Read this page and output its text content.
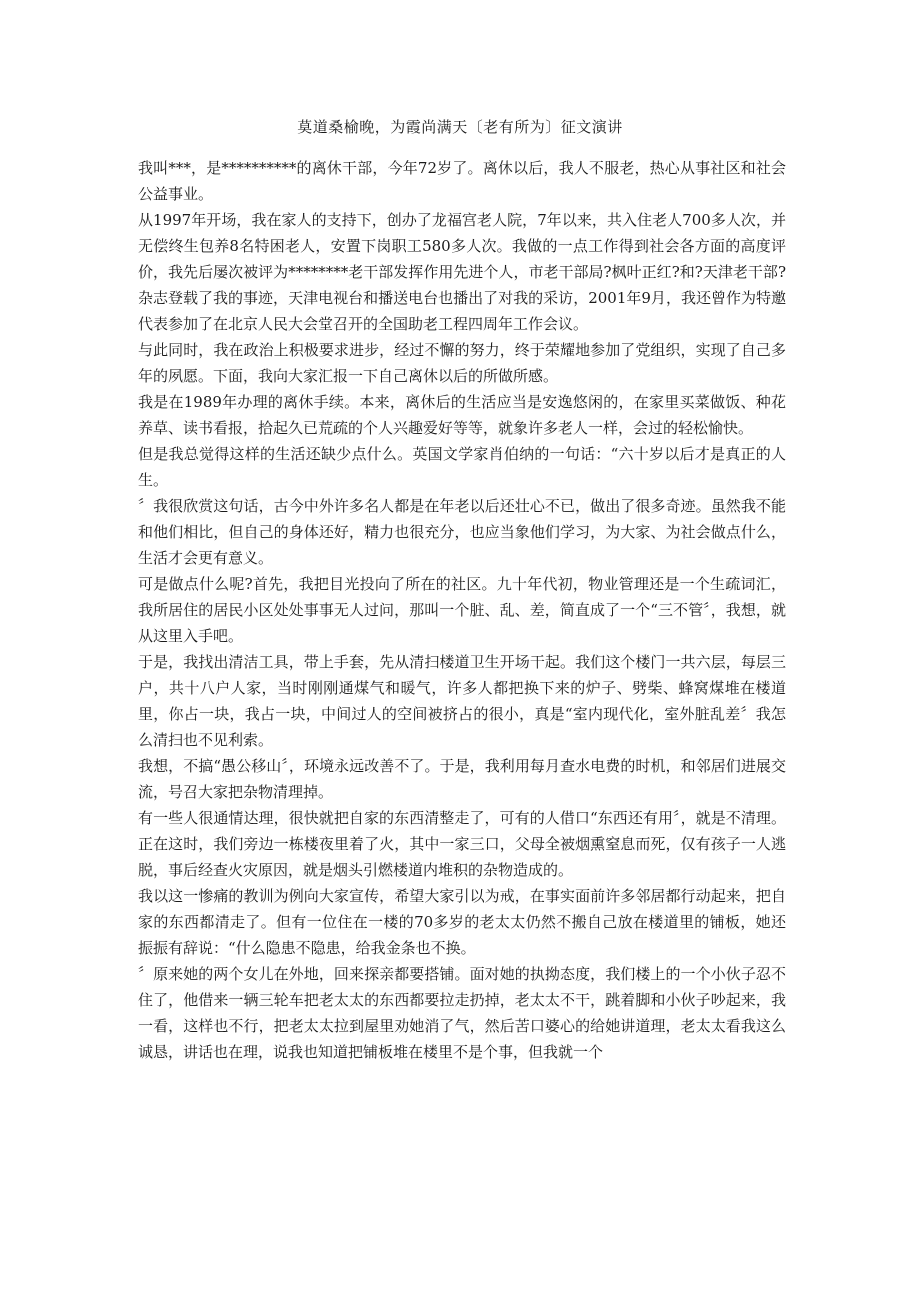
莫道桑榆晚，为霞尚满天〔老有所为〕征文演讲

我叫***，是**********的离休干部，今年72岁了。离休以后，我人不服老，热心从事社区和社会公益事业。

从1997年开场，我在家人的支持下，创办了龙福宫老人院，7年以来，共入住老人700多人次，并无偿终生包养8名特困老人，安置下岗职工580多人次。我做的一点工作得到社会各方面的高度评价，我先后屡次被评为********老干部发挥作用先进个人，市老干部局?枫叶正红?和?天津老干部?杂志登载了我的事迹，天津电视台和播送电台也播出了对我的采访，2001年9月，我还曾作为特邀代表参加了在北京人民大会堂召开的全国助老工程四周年工作会议。

与此同时，我在政治上积极要求进步，经过不懈的努力，终于荣耀地参加了党组织，实现了自己多年的夙愿。下面，我向大家汇报一下自己离休以后的所做所感。

我是在1989年办理的离休手续。本来，离休后的生活应当是安逸悠闲的，在家里买菜做饭、种花养草、读书看报，拾起久已荒疏的个人兴趣爱好等等，就象许多老人一样，会过的轻松愉快。

但是我总觉得这样的生活还缺少点什么。英国文学家肖伯纳的一句话：“六十岁以后才是真正的人生。

〞我很欣赏这句话，古今中外许多名人都是在年老以后还壮心不已，做出了很多奇迹。虽然我不能和他们相比，但自己的身体还好，精力也很充分，也应当象他们学习，为大家、为社会做点什么，生活才会更有意义。

可是做点什么呢?首先，我把目光投向了所在的社区。九十年代初，物业管理还是一个生疏词汇，我所居住的居民小区处处事事无人过问，那叫一个脏、乱、差，简直成了一个“三不管〞，我想，就从这里入手吧。

于是，我找出清洁工具，带上手套，先从清扫楼道卫生开场干起。我们这个楼门一共六层，每层三户，共十八户人家，当时刚刚通煤气和暖气，许多人都把换下来的炉子、劈柴、蜂窝煤堆在楼道里，你占一块，我占一块，中间过人的空间被挤占的很小，真是“室内现代化，室外脏乱差〞我怎么清扫也不见利索。

我想，不搞“愚公移山〞，环境永远改善不了。于是，我利用每月查水电费的时机，和邻居们进展交流，号召大家把杂物清理掉。

有一些人很通情达理，很快就把自家的东西清整走了，可有的人借口“东西还有用〞，就是不清理。正在这时，我们旁边一栋楼夜里着了火，其中一家三口，父母全被烟熏窒息而死，仅有孩子一人逃脱，事后经查火灾原因，就是烟头引燃楼道内堆积的杂物造成的。

我以这一惨痛的教训为例向大家宣传，希望大家引以为戒，在事实面前许多邻居都行动起来，把自家的东西都清走了。但有一位住在一楼的70多岁的老太太仍然不搬自己放在楼道里的铺板，她还振振有辞说：“什么隐患不隐患，给我金条也不换。

〞原来她的两个女儿在外地，回来探亲都要搭铺。面对她的执拗态度，我们楼上的一个小伙子忍不住了，他借来一辆三轮车把老太太的东西都要拉走扔掉，老太太不干，跳着脚和小伙子吵起来，我一看，这样也不行，把老太太拉到屋里劝她消了气，然后苦口婆心的给她讲道理，老太太看我这么诚恳，讲话也在理，说我也知道把铺板堆在楼里不是个事，但我就一个
